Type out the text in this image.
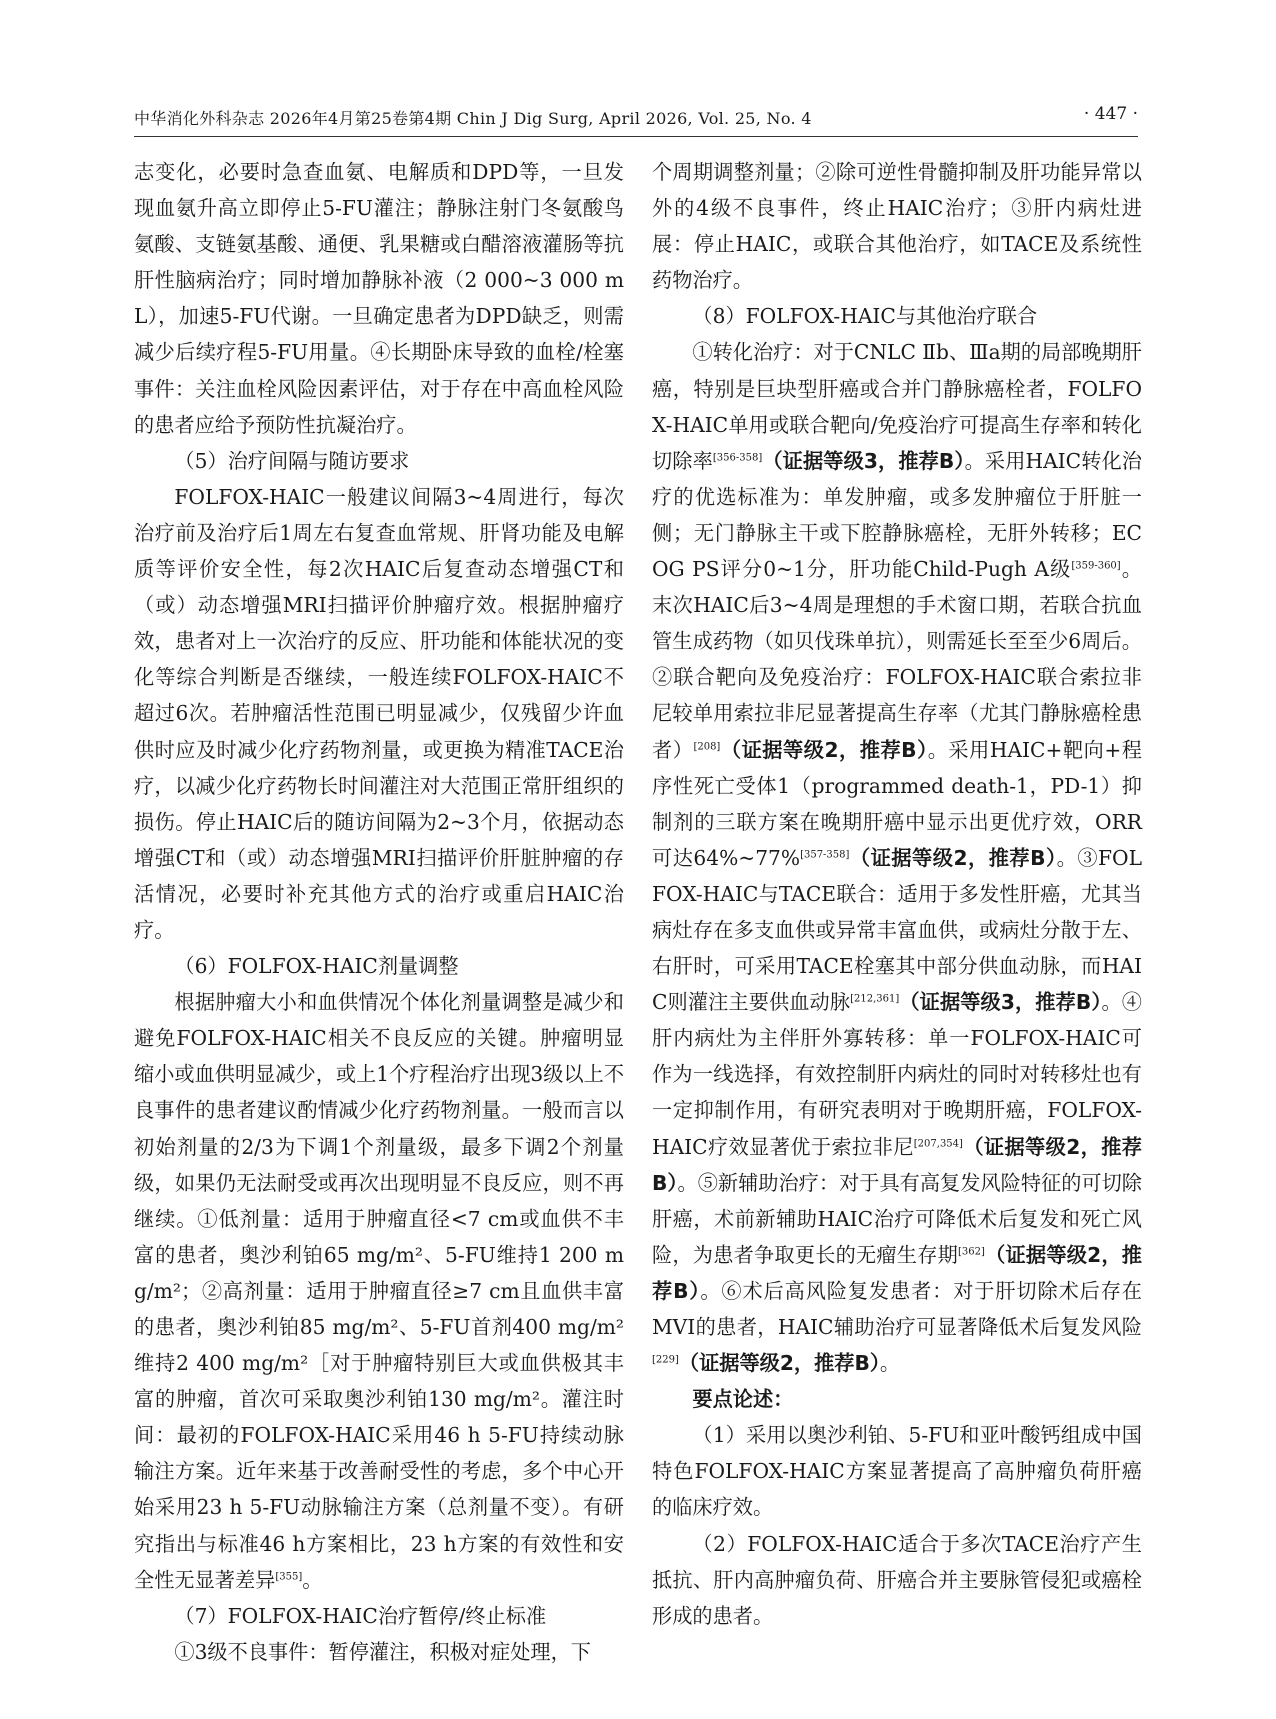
中华消化外科杂志 2026年4月第25卷第4期 Chin J Dig Surg, April 2026, Vol. 25, No. 4	· 447 ·

志变化，必要时急查血氨、电解质和DPD等，一旦发现血氨升高立即停止5-FU灌注；静脉注射门冬氨酸鸟氨酸、支链氨基酸、通便、乳果糖或白醋溶液灌肠等抗肝性脑病治疗；同时增加静脉补液（2 000~3 000 mL），加速5-FU代谢。一旦确定患者为DPD缺乏，则需减少后续疗程5-FU用量。④长期卧床导致的血栓/栓塞事件：关注血栓风险因素评估，对于存在中高血栓风险的患者应给予预防性抗凝治疗。

（5）治疗间隔与随访要求

FOLFOX-HAIC一般建议间隔3~4周进行，每次治疗前及治疗后1周左右复查血常规、肝肾功能及电解质等评价安全性，每2次HAIC后复查动态增强CT和（或）动态增强MRI扫描评价肿瘤疗效。根据肿瘤疗效，患者对上一次治疗的反应、肝功能和体能状况的变化等综合判断是否继续，一般连续FOLFOX-HAIC不超过6次。若肿瘤活性范围已明显减少，仅残留少许血供时应及时减少化疗药物剂量，或更换为精准TACE治疗，以减少化疗药物长时间灌注对大范围正常肝组织的损伤。停止HAIC后的随访间隔为2~3个月，依据动态增强CT和（或）动态增强MRI扫描评价肝脏肿瘤的存活情况，必要时补充其他方式的治疗或重启HAIC治疗。

（6）FOLFOX-HAIC剂量调整

根据肿瘤大小和血供情况个体化剂量调整是减少和避免FOLFOX-HAIC相关不良反应的关键。肿瘤明显缩小或血供明显减少，或上1个疗程治疗出现3级以上不良事件的患者建议酌情减少化疗药物剂量。一般而言以初始剂量的2/3为下调1个剂量级，最多下调2个剂量级，如果仍无法耐受或再次出现明显不良反应，则不再继续。①低剂量：适用于肿瘤直径<7 cm或血供不丰富的患者，奥沙利铂65 mg/m²、5-FU维持1 200 mg/m²；②高剂量：适用于肿瘤直径≥7 cm且血供丰富的患者，奥沙利铂85 mg/m²、5-FU首剂400 mg/m²维持2 400 mg/m²［对于肿瘤特别巨大或血供极其丰富的肿瘤，首次可采取奥沙利铂130 mg/m²。灌注时间：最初的FOLFOX-HAIC采用46 h 5-FU持续动脉输注方案。近年来基于改善耐受性的考虑，多个中心开始采用23 h 5-FU动脉输注方案（总剂量不变）。有研究指出与标准46 h方案相比，23 h方案的有效性和安全性无显著差异[355]。

（7）FOLFOX-HAIC治疗暂停/终止标准

①3级不良事件：暂停灌注，积极对症处理，下

个周期调整剂量；②除可逆性骨髓抑制及肝功能异常以外的4级不良事件，终止HAIC治疗；③肝内病灶进展：停止HAIC，或联合其他治疗，如TACE及系统性药物治疗。

（8）FOLFOX-HAIC与其他治疗联合

①转化治疗：对于CNLC Ⅱb、Ⅲa期的局部晚期肝癌，特别是巨块型肝癌或合并门静脉癌栓者，FOLFOX-HAIC单用或联合靶向/免疫治疗可提高生存率和转化切除率[356-358]（证据等级3，推荐B）。采用HAIC转化治疗的优选标准为：单发肿瘤，或多发肿瘤位于肝脏一侧；无门静脉主干或下腔静脉癌栓，无肝外转移；ECOG PS评分0~1分，肝功能Child-Pugh A级[359-360]。末次HAIC后3~4周是理想的手术窗口期，若联合抗血管生成药物（如贝伐珠单抗），则需延长至至少6周后。②联合靶向及免疫治疗：FOLFOX-HAIC联合索拉非尼较单用索拉非尼显著提高生存率（尤其门静脉癌栓患者）[208]（证据等级2，推荐B）。采用HAIC+靶向+程序性死亡受体1（programmed death-1，PD-1）抑制剂的三联方案在晚期肝癌中显示出更优疗效，ORR可达64%~77%[357-358]（证据等级2，推荐B）。③FOLFOX-HAIC与TACE联合：适用于多发性肝癌，尤其当病灶存在多支血供或异常丰富血供，或病灶分散于左、右肝时，可采用TACE栓塞其中部分供血动脉，而HAIC则灌注主要供血动脉[212,361]（证据等级3，推荐B）。④肝内病灶为主伴肝外寡转移：单一FOLFOX-HAIC可作为一线选择，有效控制肝内病灶的同时对转移灶也有一定抑制作用，有研究表明对于晚期肝癌，FOLFOX-HAIC疗效显著优于索拉非尼[207,354]（证据等级2，推荐B）。⑤新辅助治疗：对于具有高复发风险特征的可切除肝癌，术前新辅助HAIC治疗可降低术后复发和死亡风险，为患者争取更长的无瘤生存期[362]（证据等级2，推荐B）。⑥术后高风险复发患者：对于肝切除术后存在MVI的患者，HAIC辅助治疗可显著降低术后复发风险[229]（证据等级2，推荐B）。

要点论述：

（1）采用以奥沙利铂、5-FU和亚叶酸钙组成中国特色FOLFOX-HAIC方案显著提高了高肿瘤负荷肝癌的临床疗效。

（2）FOLFOX-HAIC适合于多次TACE治疗产生抵抗、肝内高肿瘤负荷、肝癌合并主要脉管侵犯或癌栓形成的患者。
